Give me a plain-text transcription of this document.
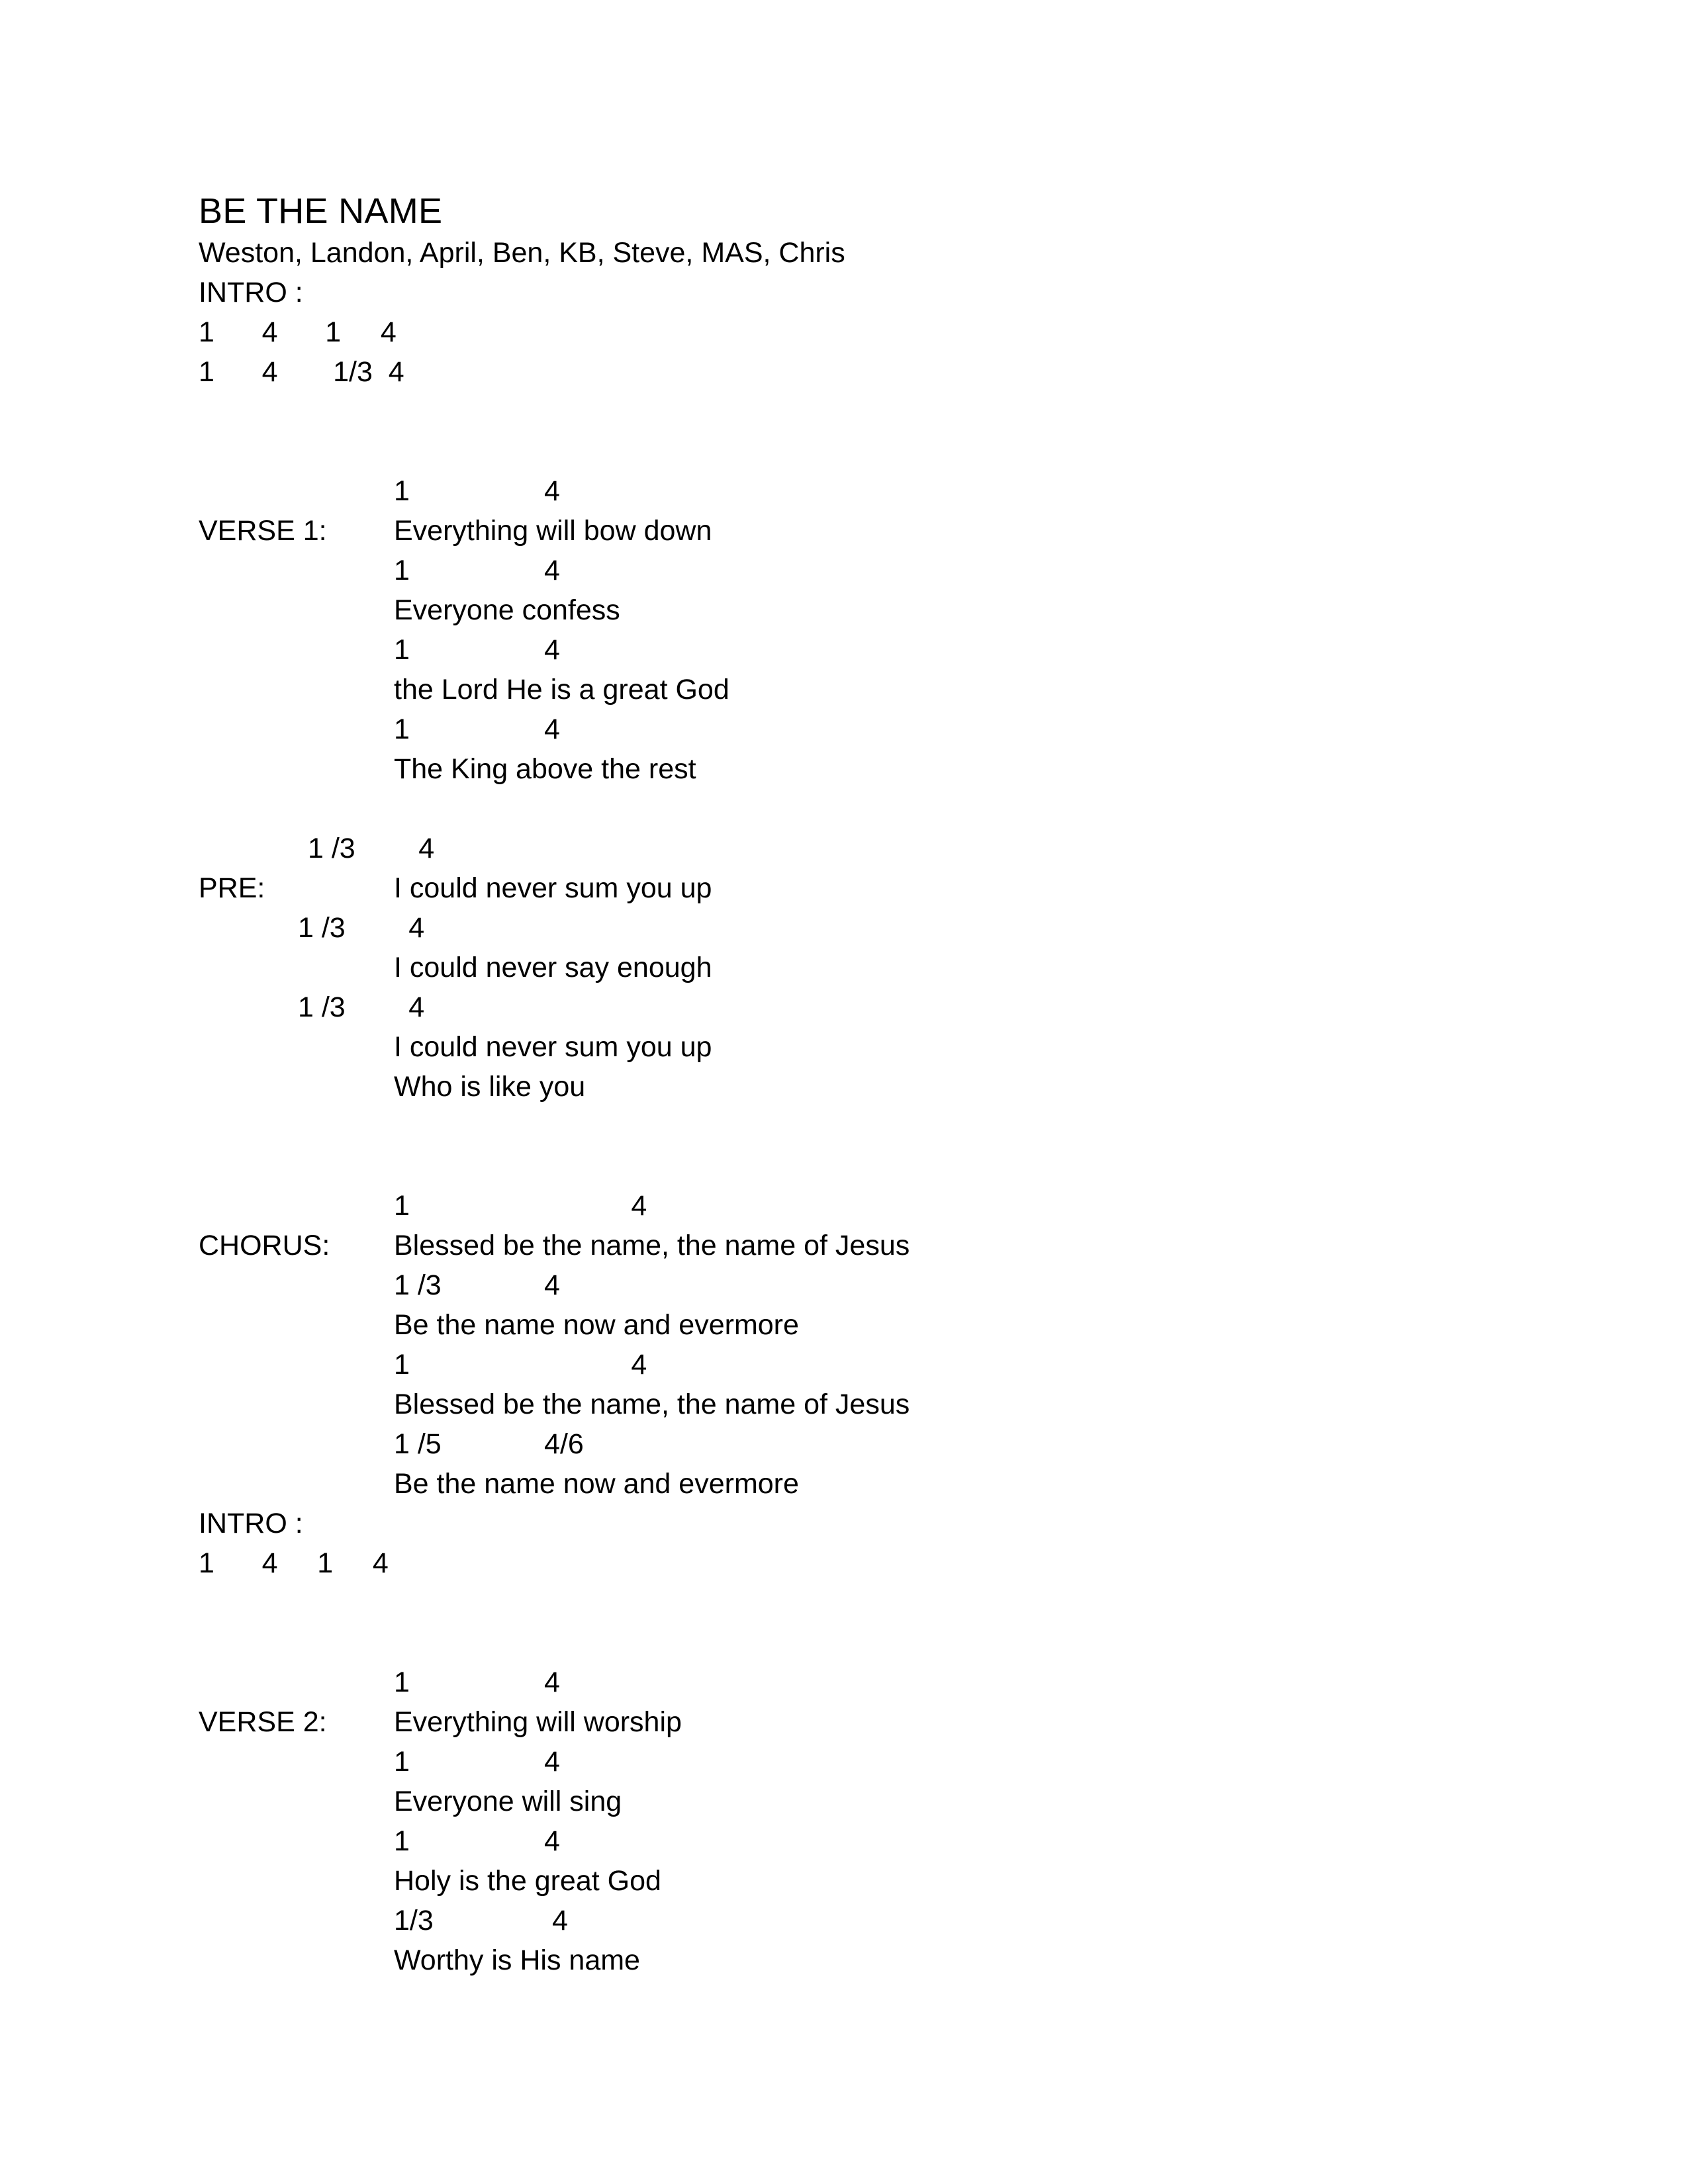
BE THE NAME
Weston, Landon, April, Ben, KB, Steve, MAS, Chris
INTRO :
1      4      1     4
1      4       1/3  4
1                 4
VERSE 1: Everything will bow down
1                 4
Everyone confess
1                 4
the Lord He is a great God
1                 4
The King above the rest
1 /3        4
PRE:	I could never sum you up
1 /3        4
I could never say enough
1 /3        4
I could never sum you up
Who is like you
1                            4
CHORUS: Blessed be the name, the name of Jesus
1 /3             4
Be the name now and evermore
1                            4
Blessed be the name, the name of Jesus
1 /5             4/6
Be the name now and evermore
INTRO :
1      4     1     4
1                 4
VERSE 2: Everything will worship
1                 4
Everyone will sing
1                 4
Holy is the great God
1/3               4
Worthy is His name
